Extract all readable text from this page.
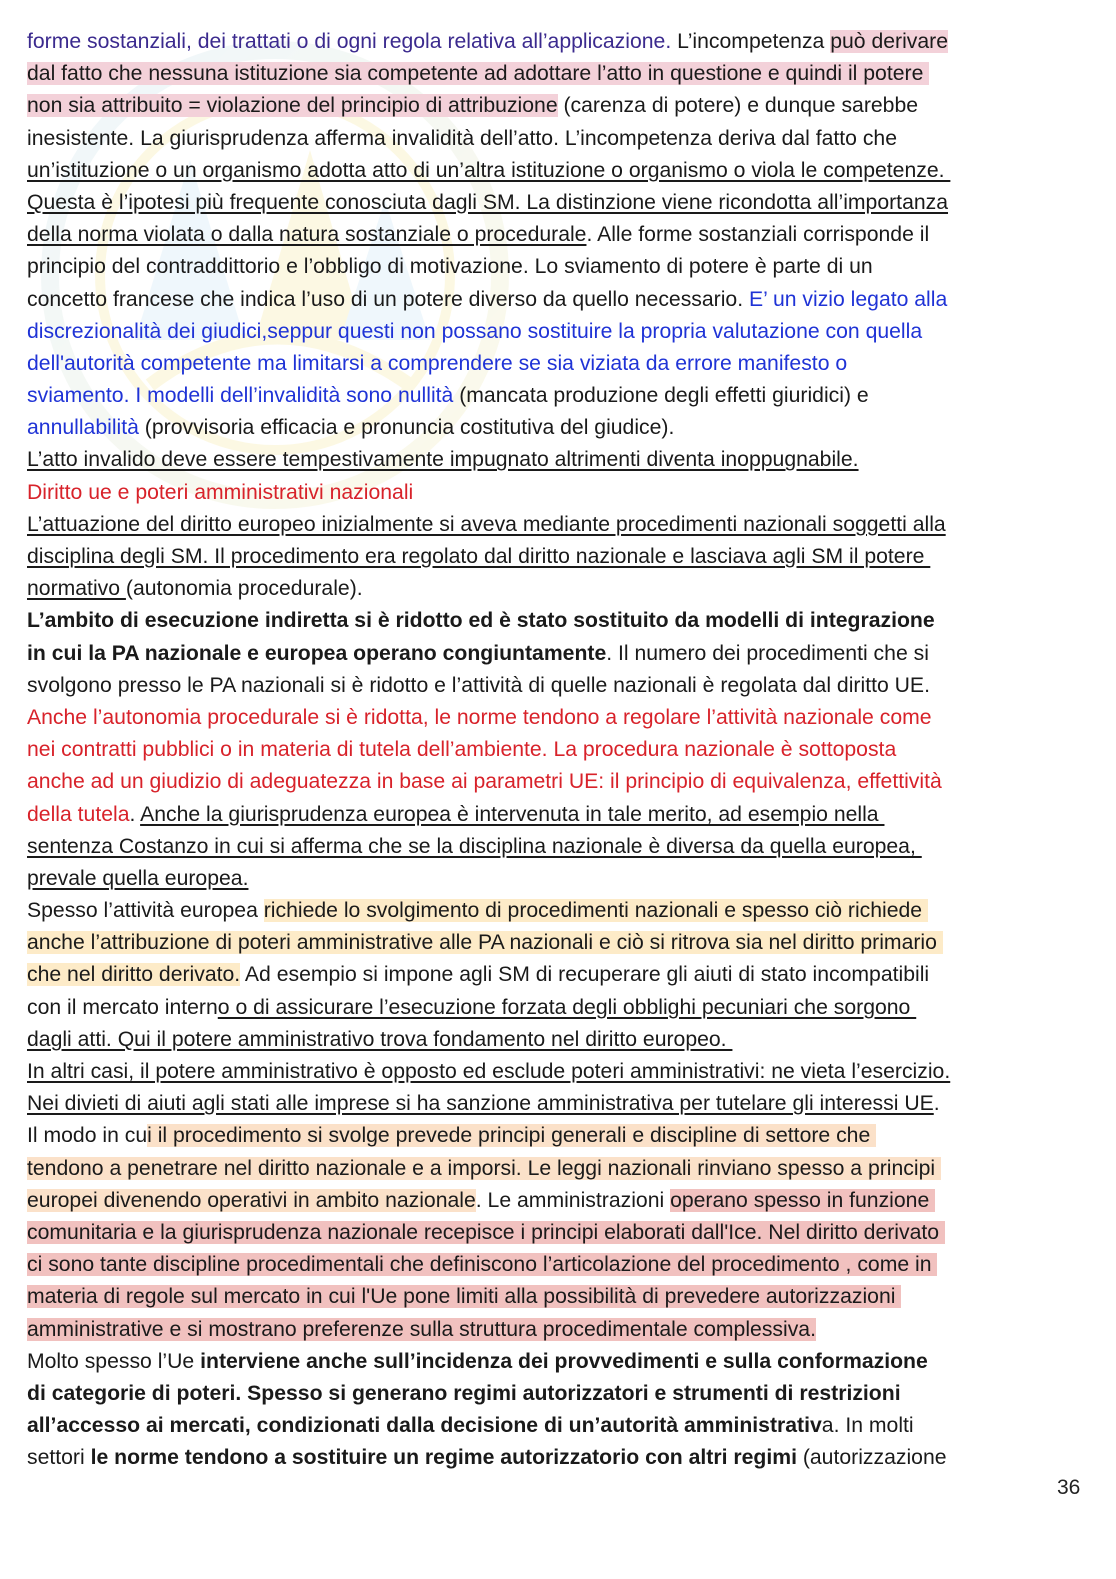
forme sostanziali, dei trattati o di ogni regola relativa all’applicazione. L’incompetenza può derivare
dal fatto che nessuna istituzione sia competente ad adottare l’atto in questione e quindi il potere
non sia attribuito = violazione del principio di attribuzione (carenza di potere) e dunque sarebbe
inesistente. La giurisprudenza afferma invalidità dell’atto. L’incompetenza deriva dal fatto che
un’istituzione o un organismo adotta atto di un’altra istituzione o organismo o viola le competenze.
Questa è l’ipotesi più frequente conosciuta dagli SM. La distinzione viene ricondotta all’importanza
della norma violata o dalla natura sostanziale o procedurale. Alle forme sostanziali corrisponde il
principio del contraddittorio e l’obbligo di motivazione. Lo sviamento di potere è parte di un
concetto francese che indica l’uso di un potere diverso da quello necessario. E’ un vizio legato alla
discrezionalità dei giudici,seppur questi non possano sostituire la propria valutazione con quella
dell'autorità competente ma limitarsi a comprendere se sia viziata da errore manifesto o
sviamento. I modelli dell’invalidità sono nullità (mancata produzione degli effetti giuridici) e
annullabilità (provvisoria efficacia e pronuncia costitutiva del giudice).
L’atto invalido deve essere tempestivamente impugnato altrimenti diventa inoppugnabile.
Diritto ue e poteri amministrativi nazionali
L’attuazione del diritto europeo inizialmente si aveva mediante procedimenti nazionali soggetti alla
disciplina degli SM. Il procedimento era regolato dal diritto nazionale e lasciava agli SM il potere
normativo (autonomia procedurale).
L’ambito di esecuzione indiretta si è ridotto ed è stato sostituito da modelli di integrazione
in cui la PA nazionale e europea operano congiuntamente. Il numero dei procedimenti che si
svolgono presso le PA nazionali si è ridotto e l’attività di quelle nazionali è regolata dal diritto UE.
Anche l’autonomia procedurale si è ridotta, le norme tendono a regolare l’attività nazionale come
nei contratti pubblici o in materia di tutela dell’ambiente. La procedura nazionale è sottoposta
anche ad un giudizio di adeguatezza in base ai parametri UE: il principio di equivalenza, effettività
della tutela. Anche la giurisprudenza europea è intervenuta in tale merito, ad esempio nella
sentenza Costanzo in cui si afferma che se la disciplina nazionale è diversa da quella europea,
prevale quella europea.
Spesso l’attività europea richiede lo svolgimento di procedimenti nazionali e spesso ciò richiede
anche l’attribuzione di poteri amministrative alle PA nazionali e ciò si ritrova sia nel diritto primario
che nel diritto derivato. Ad esempio si impone agli SM di recuperare gli aiuti di stato incompatibili
con il mercato interno o di assicurare l’esecuzione forzata degli obblighi pecuniari che sorgono
dagli atti. Qui il potere amministrativo trova fondamento nel diritto europeo.
In altri casi, il potere amministrativo è opposto ed esclude poteri amministrativi: ne vieta l’esercizio.
Nei divieti di aiuti agli stati alle imprese si ha sanzione amministrativa per tutelare gli interessi UE.
Il modo in cui il procedimento si svolge prevede principi generali e discipline di settore che
tendono a penetrare nel diritto nazionale e a imporsi. Le leggi nazionali rinviano spesso a principi
europei divenendo operativi in ambito nazionale. Le amministrazioni operano spesso in funzione
comunitaria e la giurisprudenza nazionale recepisce i principi elaborati dall'Ice. Nel diritto derivato
ci sono tante discipline procedimentali che definiscono l’articolazione del procedimento , come in
materia di regole sul mercato in cui l'Ue pone limiti alla possibilità di prevedere autorizzazioni
amministrative e si mostrano preferenze sulla struttura procedimentale complessiva.
Molto spesso l’Ue interviene anche sull’incidenza dei provvedimenti e sulla conformazione
di categorie di poteri. Spesso si generano regimi autorizzatori e strumenti di restrizioni
all’accesso ai mercati, condizionati dalla decisione di un’autorità amministrativa. In molti
settori le norme tendono a sostituire un regime autorizzatorio con altri regimi (autorizzazione
36
